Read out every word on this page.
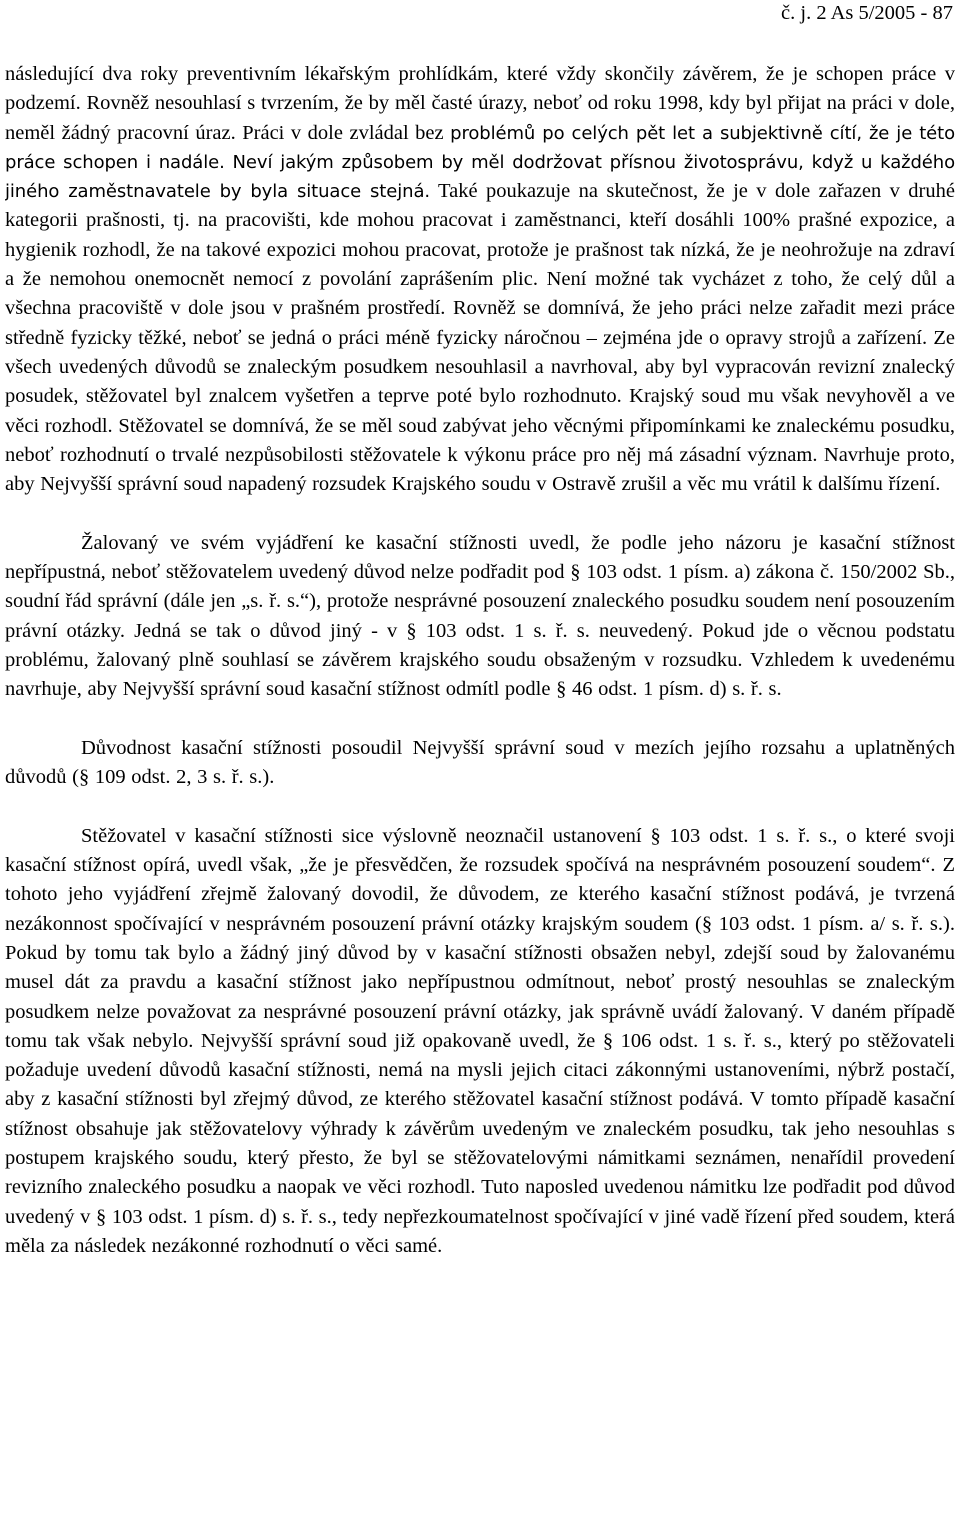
č. j. 2 As 5/2005 - 87

následující dva roky preventivním lékařským prohlídkám, které vždy skončily závěrem, že je schopen práce v podzemí. Rovněž nesouhlasí s tvrzením, že by měl časté úrazy, neboť od roku 1998, kdy byl přijat na práci v dole, neměl žádný pracovní úraz. Práci v dole zvládal bez problémů po celých pět let a subjektivně cítí, že je této práce schopen i nadále. Neví jakým způsobem by měl dodržovat přísnou životosprávu, když u každého jiného zaměstnavatele by byla situace stejná. Také poukazuje na skutečnost, že je v dole zařazen v druhé kategorii prašnosti, tj. na pracovišti, kde mohou pracovat i zaměstnanci, kteří dosáhli 100% prašné expozice, a hygienik rozhodl, že na takové expozici mohou pracovat, protože je prašnost tak nízká, že je neohrožuje na zdraví a že nemohou onemocnět nemocí z povolání zaprášením plic. Není možné tak vycházet z toho, že celý důl a všechna pracoviště v dole jsou v prašném prostředí. Rovněž se domnívá, že jeho práci nelze zařadit mezi práce středně fyzicky těžké, neboť se jedná o práci méně fyzicky náročnou – zejména jde o opravy strojů a zařízení. Ze všech uvedených důvodů se znaleckým posudkem nesouhlasil a navrhoval, aby byl vypracován revizní znalecký posudek, stěžovatel byl znalcem vyšetřen a teprve poté bylo rozhodnuto. Krajský soud mu však nevyhověl a ve věci rozhodl. Stěžovatel se domnívá, že se měl soud zabývat jeho věcnými připomínkami ke znaleckému posudku, neboť rozhodnutí o trvalé nezpůsobilosti stěžovatele k výkonu práce pro něj má zásadní význam. Navrhuje proto, aby Nejvyšší správní soud napadený rozsudek Krajského soudu v Ostravě zrušil a věc mu vrátil k dalšímu řízení.

Žalovaný ve svém vyjádření ke kasační stížnosti uvedl, že podle jeho názoru je kasační stížnost nepřípustná, neboť stěžovatelem uvedený důvod nelze podřadit pod § 103 odst. 1 písm. a) zákona č. 150/2002 Sb., soudní řád správní (dále jen „s. ř. s.“), protože nesprávné posouzení znaleckého posudku soudem není posouzením právní otázky. Jedná se tak o důvod jiný - v § 103 odst. 1 s. ř. s. neuvedený. Pokud jde o věcnou podstatu problému, žalovaný plně souhlasí se závěrem krajského soudu obsaženým v rozsudku. Vzhledem k uvedenému navrhuje, aby Nejvyšší správní soud kasační stížnost odmítl podle § 46 odst. 1 písm. d) s. ř. s.

Důvodnost kasační stížnosti posoudil Nejvyšší správní soud v mezích jejího rozsahu a uplatněných důvodů (§ 109 odst. 2, 3 s. ř. s.).

Stěžovatel v kasační stížnosti sice výslovně neoznačil ustanovení § 103 odst. 1 s. ř. s., o které svoji kasační stížnost opírá, uvedl však, „že je přesvědčen, že rozsudek spočívá na nesprávném posouzení soudem“. Z tohoto jeho vyjádření zřejmě žalovaný dovodil, že důvodem, ze kterého kasační stížnost podává, je tvrzená nezákonnost spočívající v nesprávném posouzení právní otázky krajským soudem (§ 103 odst. 1 písm. a/ s. ř. s.). Pokud by tomu tak bylo a žádný jiný důvod by v kasační stížnosti obsažen nebyl, zdejší soud by žalovanému musel dát za pravdu a kasační stížnost jako nepřípustnou odmítnout, neboť prostý nesouhlas se znaleckým posudkem nelze považovat za nesprávné posouzení právní otázky, jak správně uvádí žalovaný. V daném případě tomu tak však nebylo. Nejvyšší správní soud již opakovaně uvedl, že § 106 odst. 1 s. ř. s., který po stěžovateli požaduje uvedení důvodů kasační stížnosti, nemá na mysli jejich citaci zákonnými ustanoveními, nýbrž postačí, aby z kasační stížnosti byl zřejmý důvod, ze kterého stěžovatel kasační stížnost podává. V tomto případě kasační stížnost obsahuje jak stěžovatelovy výhrady k závěrům uvedeným ve znaleckém posudku, tak jeho nesouhlas s postupem krajského soudu, který přesto, že byl se stěžovatelovými námitkami seznámen, nenařídil provedení revizního znaleckého posudku a naopak ve věci rozhodl. Tuto naposled uvedenou námitku lze podřadit pod důvod uvedený v § 103 odst. 1 písm. d) s. ř. s., tedy nepřezkoumatelnost spočívající v jiné vadě řízení před soudem, která měla za následek nezákonné rozhodnutí o věci samé.
